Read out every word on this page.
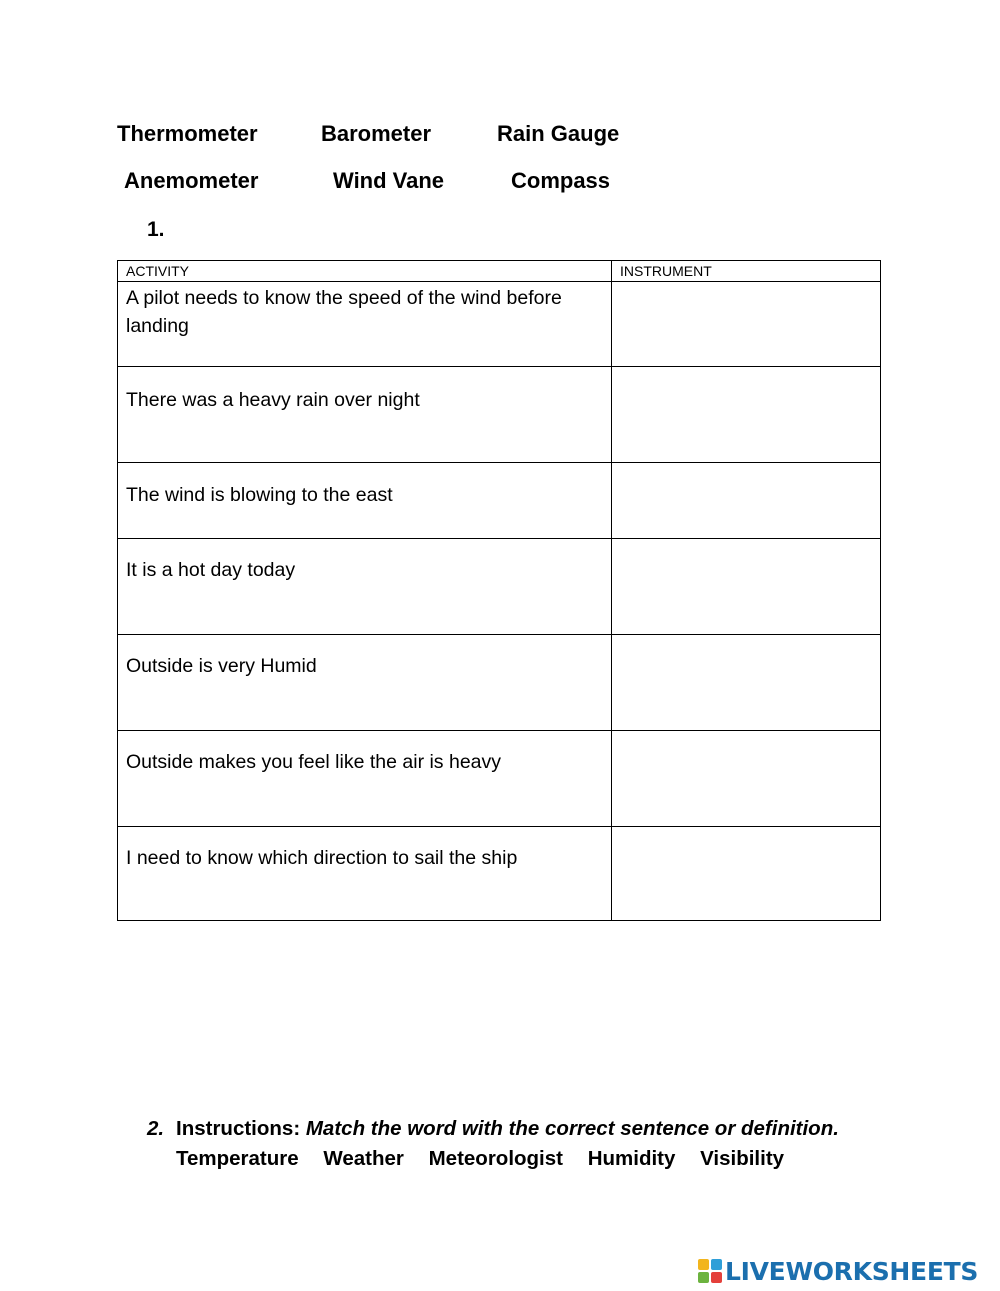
Thermometer	Barometer	Rain Gauge
Anemometer	Wind Vane	Compass
1.
ACTIVITY	INSTRUMENT
A pilot needs to know the speed of the wind before landing	
There was a heavy rain over night	
The wind is blowing to the east	
It is a hot day today	
Outside is very Humid	
Outside makes you feel like the air is heavy	
I need to know which direction to sail the ship	
2. Instructions: Match the word with the correct sentence or definition.
Temperature Weather Meteorologist Humidity Visibility
LIVEWORKSHEETS
